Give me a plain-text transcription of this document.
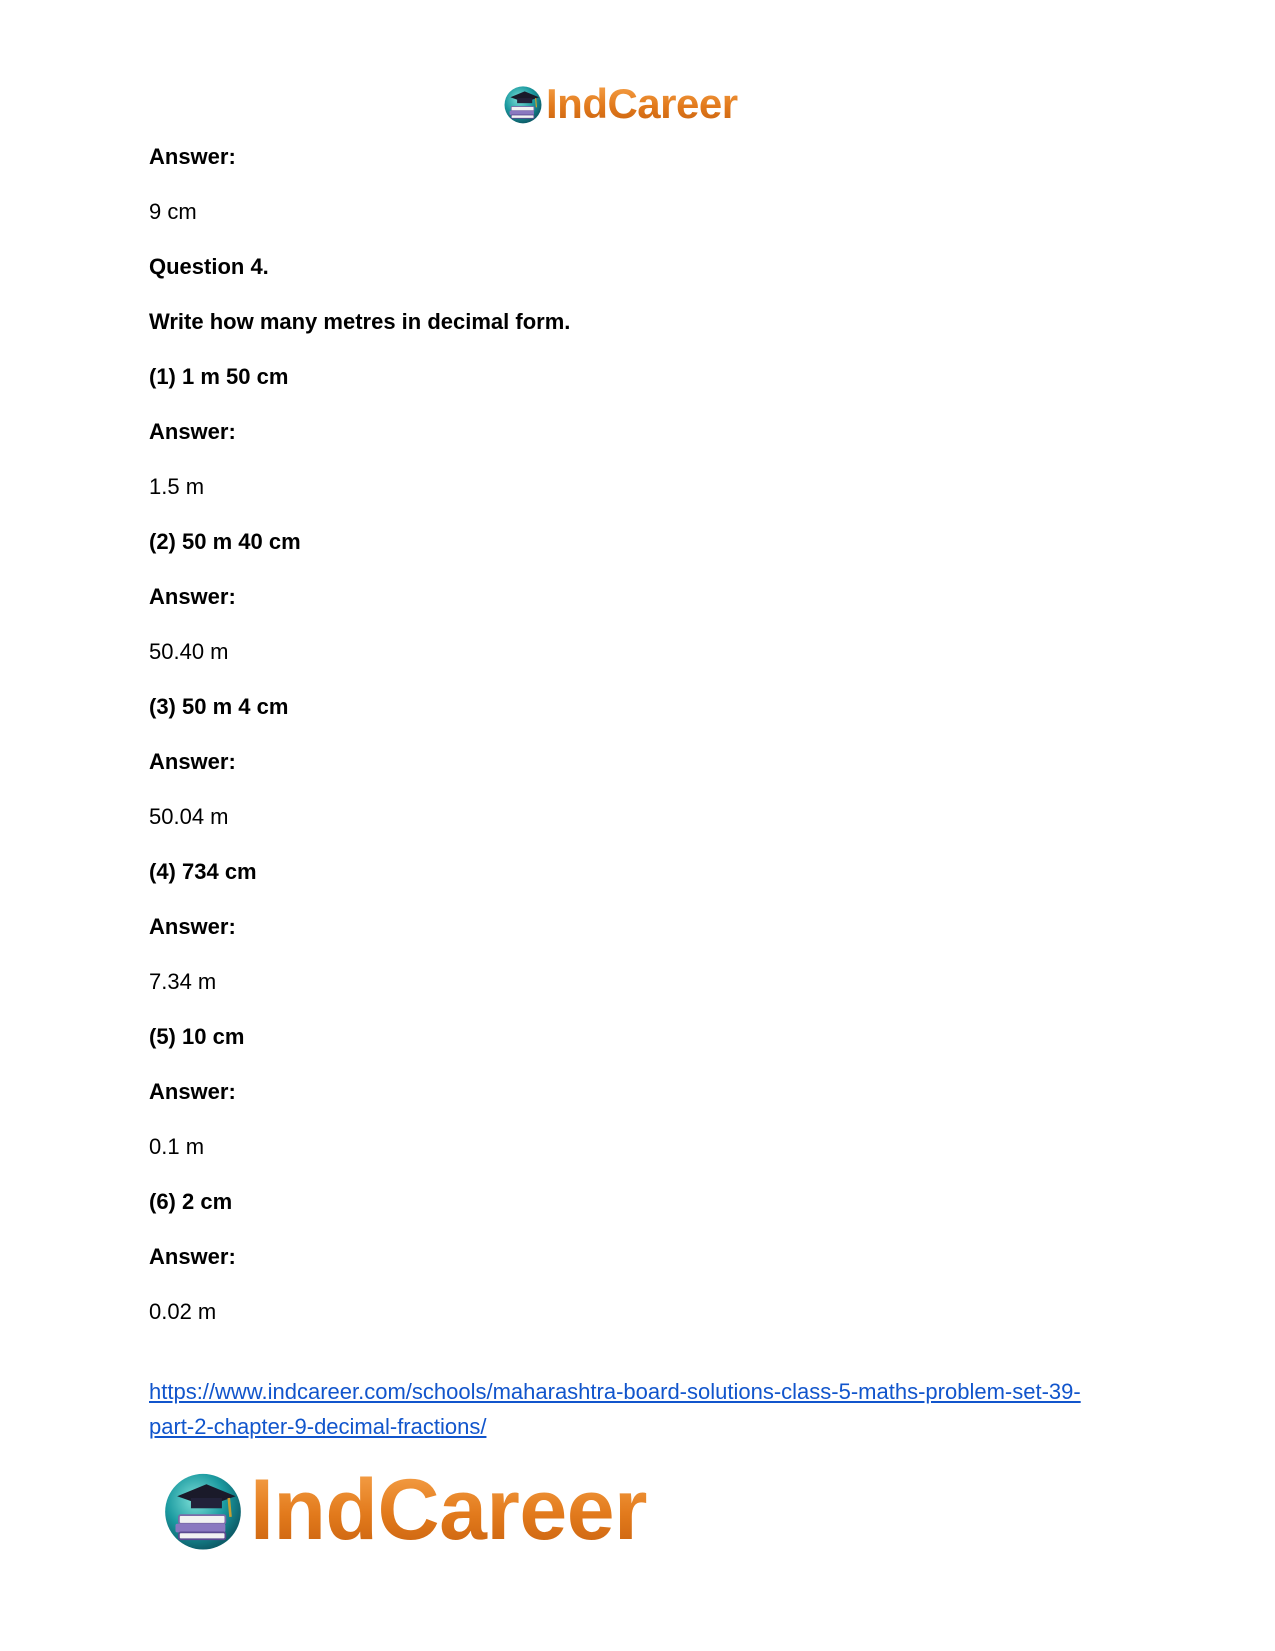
IndCareer
Answer:
9 cm
Question 4.
Write how many metres in decimal form.
(1) 1 m 50 cm
Answer:
1.5 m
(2) 50 m 40 cm
Answer:
50.40 m
(3) 50 m 4 cm
Answer:
50.04 m
(4) 734 cm
Answer:
7.34 m
(5) 10 cm
Answer:
0.1 m
(6) 2 cm
Answer:
0.02 m
https://www.indcareer.com/schools/maharashtra-board-solutions-class-5-maths-problem-set-39-
part-2-chapter-9-decimal-fractions/
IndCareer
